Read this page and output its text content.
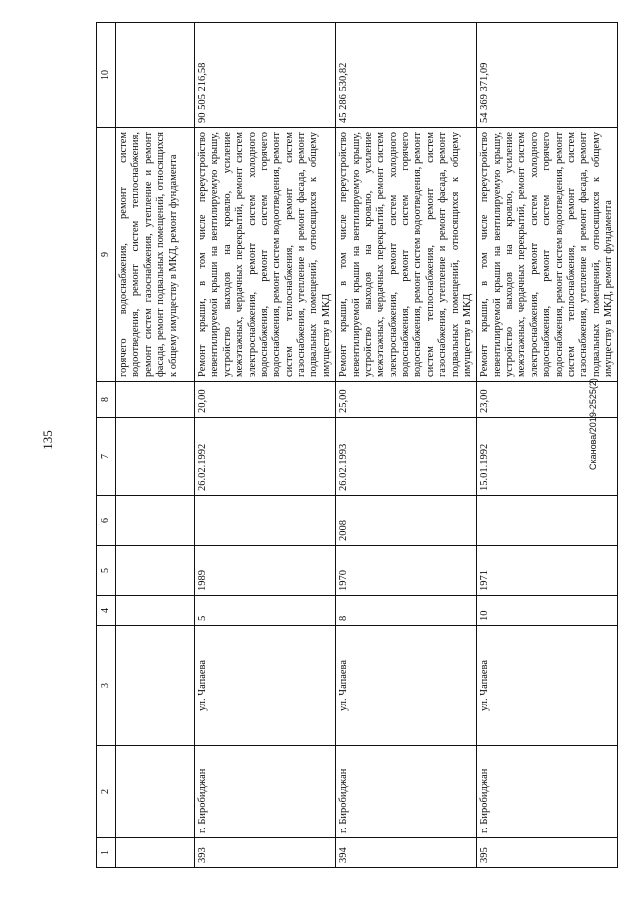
135
1	2	3	4	5	6	7	8	9	10
								горячего водоснабжения, ремонт систем водоотведения, ремонт систем теплоснабжения, ремонт систем газоснабжения, утепление и ремонт фасада, ремонт подвальных помещений, относящихся к общему имуществу в МКД, ремонт фундамента	
393	г. Биробиджан	ул. Чапаева	5	1989		26.02.1992	20,00	Ремонт крыши, в том числе переустройство невентилируемой крыши на вентилируемую крышу, устройство выходов на кровлю, усиление межэтажных, чердачных перекрытий, ремонт систем электроснабжения, ремонт систем холодного водоснабжения, ремонт систем горячего водоснабжения, ремонт систем водоотведения, ремонт систем теплоснабжения, ремонт систем газоснабжения, утепление и ремонт фасада, ремонт подвальных помещений, относящихся к общему имуществу в МКД	90 505 216,58
394	г. Биробиджан	ул. Чапаева	8	1970	2008	26.02.1993	25,00	Ремонт крыши, в том числе переустройство невентилируемой крыши на вентилируемую крышу, устройство выходов на кровлю, усиление межэтажных, чердачных перекрытий, ремонт систем электроснабжения, ремонт систем холодного водоснабжения, ремонт систем горячего водоснабжения, ремонт систем водоотведения, ремонт систем теплоснабжения, ремонт систем газоснабжения, утепление и ремонт фасада, ремонт подвальных помещений, относящихся к общему имуществу в МКД	45 286 530,82
395	г. Биробиджан	ул. Чапаева	10	1971		15.01.1992	23,00	Ремонт крыши, в том числе переустройство невентилируемой крыши на вентилируемую крышу, устройство выходов на кровлю, усиление межэтажных, чердачных перекрытий, ремонт систем электроснабжения, ремонт систем холодного водоснабжения, ремонт систем горячего водоснабжения, ремонт систем водоотведения, ремонт систем теплоснабжения, ремонт систем газоснабжения, утепление и ремонт фасада, ремонт подвальных помещений, относящихся к общему имуществу в МКД, ремонт фундамента	54 369 371,09
Сканова/2019-2525(2)
